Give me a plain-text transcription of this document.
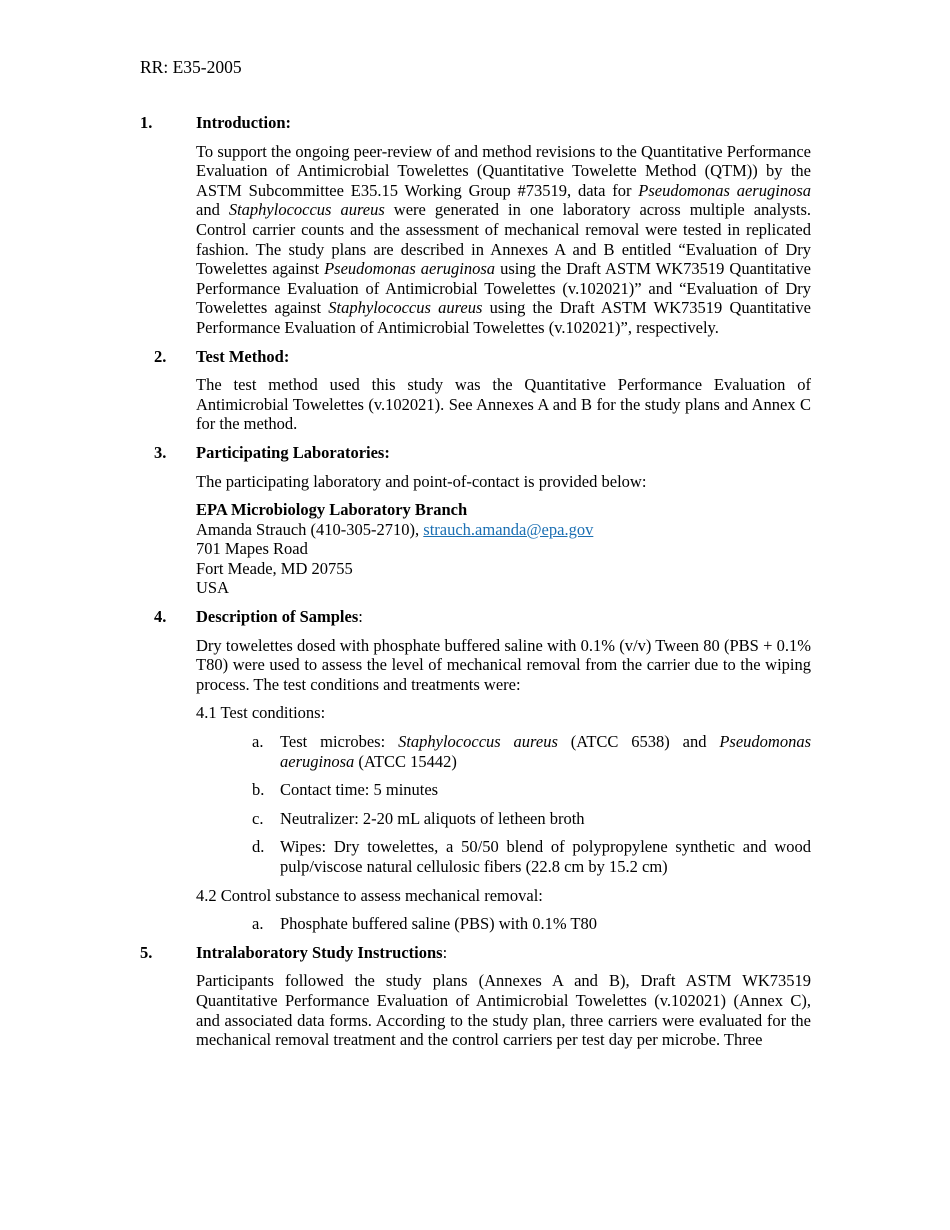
RR: E35-2005
1.	Introduction:
To support the ongoing peer-review of and method revisions to the Quantitative Performance Evaluation of Antimicrobial Towelettes (Quantitative Towelette Method (QTM)) by the ASTM Subcommittee E35.15 Working Group #73519, data for Pseudomonas aeruginosa and Staphylococcus aureus were generated in one laboratory across multiple analysts. Control carrier counts and the assessment of mechanical removal were tested in replicated fashion. The study plans are described in Annexes A and B entitled “Evaluation of Dry Towelettes against Pseudomonas aeruginosa using the Draft ASTM WK73519 Quantitative Performance Evaluation of Antimicrobial Towelettes (v.102021)” and “Evaluation of Dry Towelettes against Staphylococcus aureus using the Draft ASTM WK73519 Quantitative Performance Evaluation of Antimicrobial Towelettes (v.102021)”, respectively.
2. Test Method:
The test method used this study was the Quantitative Performance Evaluation of Antimicrobial Towelettes (v.102021). See Annexes A and B for the study plans and Annex C for the method.
3. Participating Laboratories:
The participating laboratory and point-of-contact is provided below:
EPA Microbiology Laboratory Branch
Amanda Strauch (410-305-2710), strauch.amanda@epa.gov
701 Mapes Road
Fort Meade, MD 20755
USA
4. Description of Samples:
Dry towelettes dosed with phosphate buffered saline with 0.1% (v/v) Tween 80 (PBS + 0.1% T80) were used to assess the level of mechanical removal from the carrier due to the wiping process. The test conditions and treatments were:
4.1 Test conditions:
a. Test microbes: Staphylococcus aureus (ATCC 6538) and Pseudomonas aeruginosa (ATCC 15442)
b. Contact time: 5 minutes
c. Neutralizer: 2-20 mL aliquots of letheen broth
d. Wipes: Dry towelettes, a 50/50 blend of polypropylene synthetic and wood pulp/viscose natural cellulosic fibers (22.8 cm by 15.2 cm)
4.2 Control substance to assess mechanical removal:
a. Phosphate buffered saline (PBS) with 0.1% T80
5.	Intralaboratory Study Instructions:
Participants followed the study plans (Annexes A and B), Draft ASTM WK73519 Quantitative Performance Evaluation of Antimicrobial Towelettes (v.102021) (Annex C), and associated data forms. According to the study plan, three carriers were evaluated for the mechanical removal treatment and the control carriers per test day per microbe. Three
